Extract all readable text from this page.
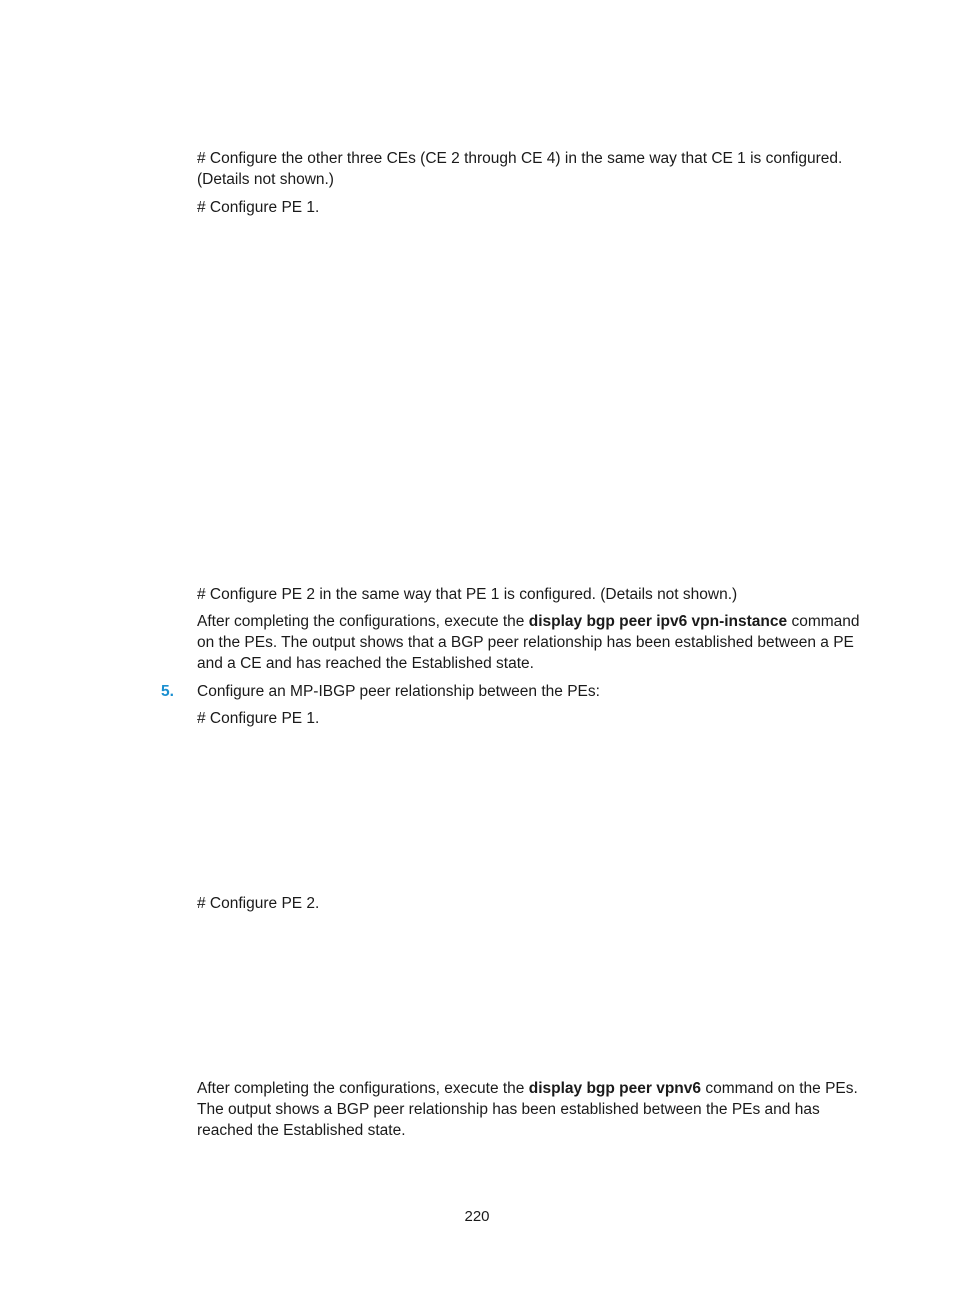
# Configure the other three CEs (CE 2 through CE 4) in the same way that CE 1 is configured. (Details not shown.)

# Configure PE 1.

# Configure PE 2 in the same way that PE 1 is configured. (Details not shown.)

After completing the configurations, execute the display bgp peer ipv6 vpn-instance command on the PEs. The output shows that a BGP peer relationship has been established between a PE and a CE and has reached the Established state.

5. Configure an MP-IBGP peer relationship between the PEs:

# Configure PE 1.

# Configure PE 2.

After completing the configurations, execute the display bgp peer vpnv6 command on the PEs. The output shows a BGP peer relationship has been established between the PEs and has reached the Established state.

220
